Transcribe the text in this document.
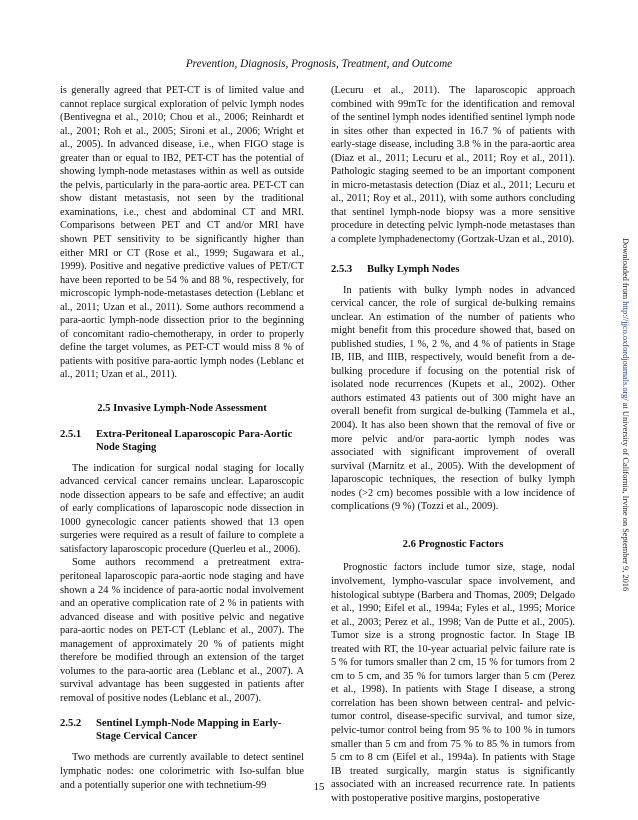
Prevention, Diagnosis, Prognosis, Treatment, and Outcome

is generally agreed that PET-CT is of limited value and cannot replace surgical exploration of pelvic lymph nodes (Bentivegna et al., 2010; Chou et al., 2006; Reinhardt et al., 2001; Roh et al., 2005; Sironi et al., 2006; Wright et al., 2005). In advanced disease, i.e., when FIGO stage is greater than or equal to IB2, PET-CT has the potential of showing lymph-node metastases within as well as outside the pelvis, particularly in the para-aortic area. PET-CT can show distant metastasis, not seen by the traditional examinations, i.e., chest and abdominal CT and MRI. Comparisons between PET and CT and/or MRI have shown PET sensitivity to be significantly higher than either MRI or CT (Rose et al., 1999; Sugawara et al., 1999). Positive and negative predictive values of PET/CT have been reported to be 54 % and 88 %, respectively, for microscopic lymph-node-metastases detection (Leblanc et al., 2011; Uzan et al., 2011). Some authors recommend a para-aortic lymph-node dissection prior to the beginning of concomitant radio-chemotherapy, in order to properly define the target volumes, as PET-CT would miss 8 % of patients with positive para-aortic lymph nodes (Leblanc et al., 2011; Uzan et al., 2011).

2.5 Invasive Lymph-Node Assessment
2.5.1	Extra-Peritoneal Laparoscopic Para-Aortic Node Staging

The indication for surgical nodal staging for locally advanced cervical cancer remains unclear. Laparoscopic node dissection appears to be safe and effective; an audit of early complications of laparoscopic node dissection in 1000 gynecologic cancer patients showed that 13 open surgeries were required as a result of failure to complete a satisfactory laparoscopic procedure (Querleu et al., 2006).

Some authors recommend a pretreatment extra-peritoneal laparoscopic para-aortic node staging and have shown a 24 % incidence of para-aortic nodal involvement and an operative complication rate of 2 % in patients with advanced disease and with positive pelvic and negative para-aortic nodes on PET-CT (Leblanc et al., 2007). The management of approximately 20 % of patients might therefore be modified through an extension of the target volumes to the para-aortic area (Leblanc et al., 2007). A survival advantage has been suggested in patients after removal of positive nodes (Leblanc et al., 2007).

2.5.2	Sentinel Lymph-Node Mapping in Early-Stage Cervical Cancer

Two methods are currently available to detect sentinel lymphatic nodes: one colorimetric with Iso-sulfan blue and a potentially superior one with technetium-99

(Lecuru et al., 2011). The laparoscopic approach combined with 99mTc for the identification and removal of the sentinel lymph nodes identified sentinel lymph node in sites other than expected in 16.7 % of patients with early-stage disease, including 3.8 % in the para-aortic area (Diaz et al., 2011; Lecuru et al., 2011; Roy et al., 2011). Pathologic staging seemed to be an important component in micro-metastasis detection (Diaz et al., 2011; Lecuru et al., 2011; Roy et al., 2011), with some authors concluding that sentinel lymph-node biopsy was a more sensitive procedure in detecting pelvic lymph-node metastases than a complete lymphadenectomy (Gortzak-Uzan et al., 2010).

2.5.3	Bulky Lymph Nodes

In patients with bulky lymph nodes in advanced cervical cancer, the role of surgical de-bulking remains unclear. An estimation of the number of patients who might benefit from this procedure showed that, based on published studies, 1 %, 2 %, and 4 % of patients in Stage IB, IIB, and IIIB, respectively, would benefit from a de-bulking procedure if focusing on the potential risk of isolated node recurrences (Kupets et al., 2002). Other authors estimated 43 patients out of 300 might have an overall benefit from surgical de-bulking (Tammela et al., 2004). It has also been shown that the removal of five or more pelvic and/or para-aortic lymph nodes was associated with significant improvement of overall survival (Marnitz et al., 2005). With the development of laparoscopic techniques, the resection of bulky lymph nodes (>2 cm) becomes possible with a low incidence of complications (9 %) (Tozzi et al., 2009).

2.6 Prognostic Factors

Prognostic factors include tumor size, stage, nodal involvement, lympho-vascular space involvement, and histological subtype (Barbera and Thomas, 2009; Delgado et al., 1990; Eifel et al., 1994a; Fyles et al., 1995; Morice et al., 2003; Perez et al., 1998; Van de Putte et al., 2005). Tumor size is a strong prognostic factor. In Stage IB treated with RT, the 10-year actuarial pelvic failure rate is 5 % for tumors smaller than 2 cm, 15 % for tumors from 2 cm to 5 cm, and 35 % for tumors larger than 5 cm (Perez et al., 1998). In patients with Stage I disease, a strong correlation has been shown between central- and pelvic-tumor control, disease-specific survival, and tumor size, pelvic-tumor control being from 95 % to 100 % in tumors smaller than 5 cm and from 75 % to 85 % in tumors from 5 cm to 8 cm (Eifel et al., 1994a). In patients with Stage IB treated surgically, margin status is significantly associated with an increased recurrence rate. In patients with postoperative positive margins, postoperative

Downloaded from http://jjco.oxfordjournals.org/ at University of California, Irvine on September 9, 2016
15
